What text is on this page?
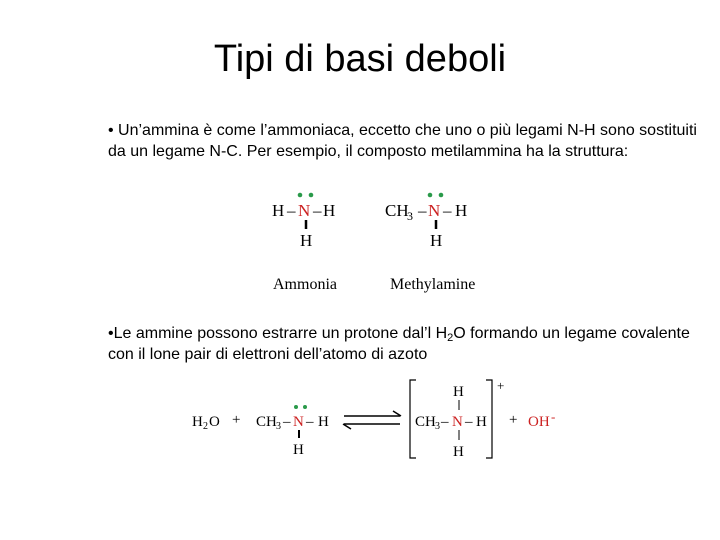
Tipi di basi deboli
• Un’ammina è come l’ammoniaca, eccetto che uno o più legami N-H sono sostituiti da un legame N-C. Per esempio, il composto metilammina ha la struttura:
H – N – H
H
Ammonia
CH
3 – N – H
H
Methylamine
H 2 O + CH 3 – N – H
H
H
CH 3 – N – H
H
+
+ OH -
•Le ammine possono estrarre un protone dal’l $H_2O$ formando un legame covalente con il lone pair di elettroni dell’atomo di azoto
